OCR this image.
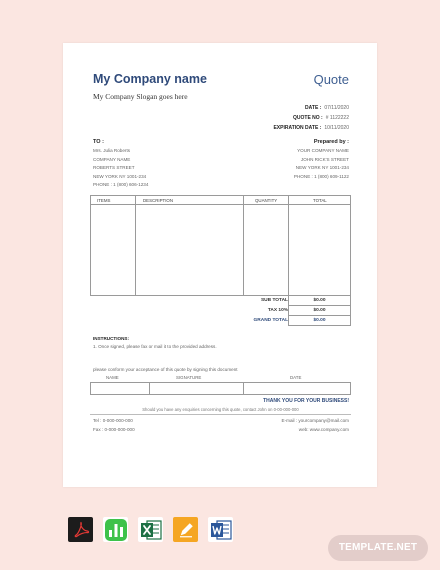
My Company name	Quote
My Company Slogan goes here
DATE : 07/11/2020
QUOTE NO : # 1122222
EXPIRATION DATE : 10/11/2020
TO :
Mrs. Julia Roberts
COMPANY NAME
ROBERTS STREET
NEW YORK NY 1001-234
PHONE : 1 (800) 606-1234
Prepared by :
YOUR COMPANY NAME
JOHN RICK'S STREET
NEW YORK NY 1001-234
PHONE : 1 (800) 609-1122
ITEMS	DESCRIPTION	QUANTITY	TOTAL
SUB TOTAL	$0.00
TAX 10%	$0.00
GRAND TOTAL	$0.00
INSTRUCTIONS:
1. Once signed, please fax or mail it to the provided address.
please conform your acceptance of this quote by signing this document
NAME	SIGNATURE	DATE
THANK YOU FOR YOUR BUSINESS!
Should you have any enquiries concerning this quote, contact John on 0-00-000-000
Tel : 0-000-000-000
Fax : 0-000-000-000
E-mail : yourcompany@mail.com
web: www.company.com
TEMPLATE.NET
